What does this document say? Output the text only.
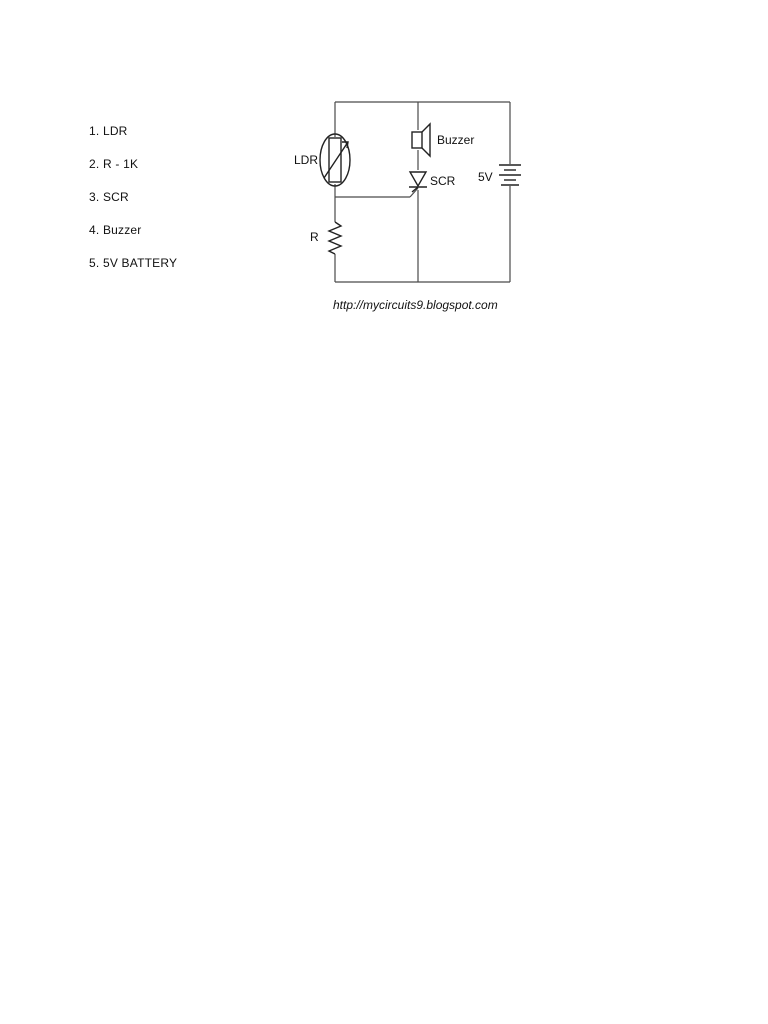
1. LDR
2. R - 1K
3. SCR
4. Buzzer
5. 5V BATTERY
LDR
R
Buzzer
SCR 5V
http://mycircuits9.blogspot.com
